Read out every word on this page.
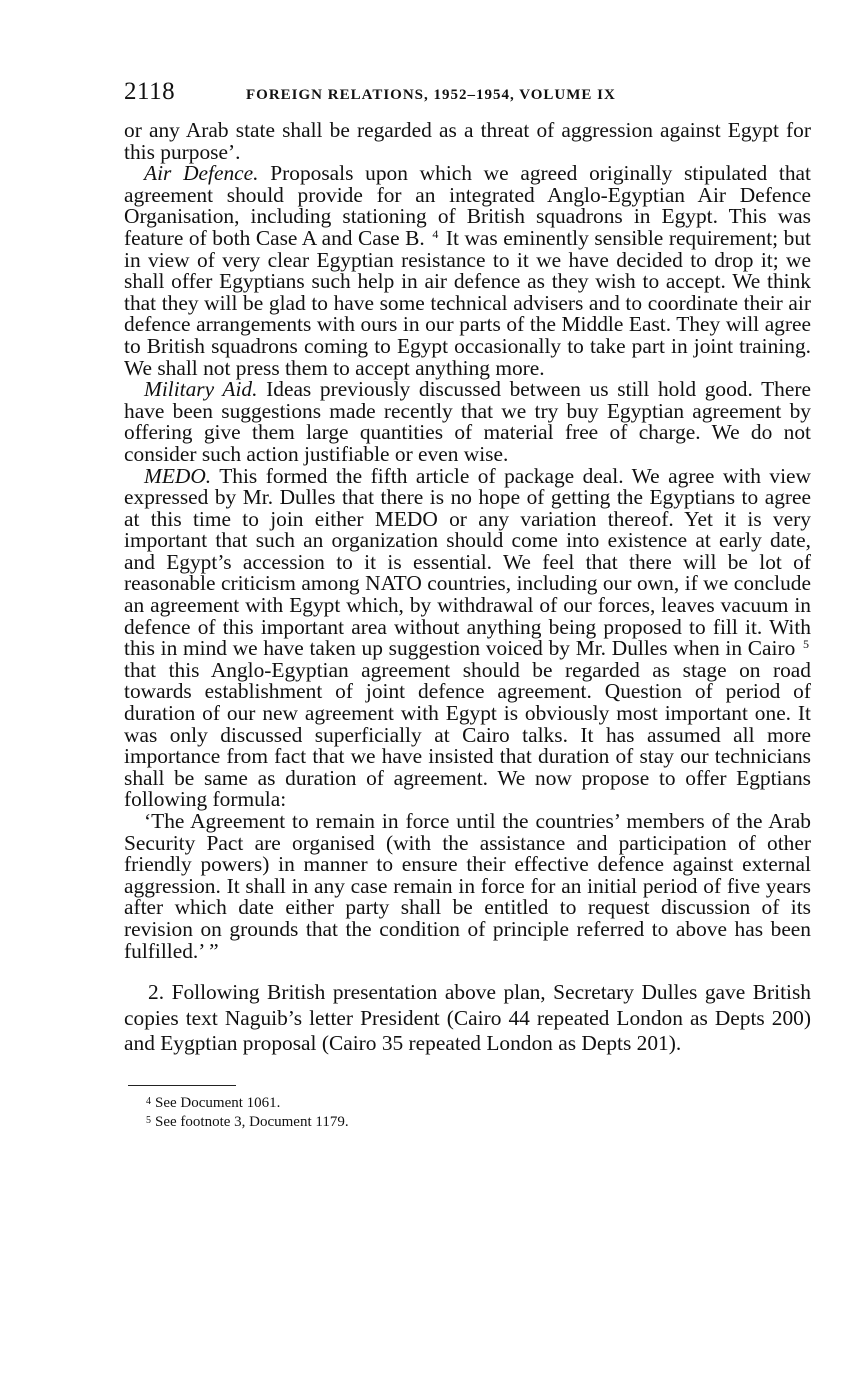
2118	FOREIGN RELATIONS, 1952–1954, VOLUME IX

or any Arab state shall be regarded as a threat of aggression against Egypt for this purpose’.

Air Defence. Proposals upon which we agreed originally stipulated that agreement should provide for an integrated Anglo-Egyptian Air Defence Organisation, including stationing of British squadrons in Egypt. This was feature of both Case A and Case B. $^4$ It was eminently sensible requirement; but in view of very clear Egyptian resistance to it we have decided to drop it; we shall offer Egyptians such help in air defence as they wish to accept. We think that they will be glad to have some technical advisers and to coordinate their air defence arrangements with ours in our parts of the Middle East. They will agree to British squadrons coming to Egypt occasionally to take part in joint training. We shall not press them to accept anything more.

Military Aid. Ideas previously discussed between us still hold good. There have been suggestions made recently that we try buy Egyptian agreement by offering give them large quantities of material free of charge. We do not consider such action justifiable or even wise.

MEDO. This formed the fifth article of package deal. We agree with view expressed by Mr. Dulles that there is no hope of getting the Egyptians to agree at this time to join either MEDO or any variation thereof. Yet it is very important that such an organization should come into existence at early date, and Egypt’s accession to it is essential. We feel that there will be lot of reasonable criticism among NATO countries, including our own, if we conclude an agreement with Egypt which, by withdrawal of our forces, leaves vacuum in defence of this important area without anything being proposed to fill it. With this in mind we have taken up suggestion voiced by Mr. Dulles when in Cairo $^5$ that this Anglo-Egyptian agreement should be regarded as stage on road towards establishment of joint defence agreement. Question of period of duration of our new agreement with Egypt is obviously most important one. It was only discussed superficially at Cairo talks. It has assumed all more importance from fact that we have insisted that duration of stay our technicians shall be same as duration of agreement. We now propose to offer Egptians following formula:

‘The Agreement to remain in force until the countries’ members of the Arab Security Pact are organised (with the assistance and participation of other friendly powers) in manner to ensure their effective defence against external aggression. It shall in any case remain in force for an initial period of five years after which date either party shall be entitled to request discussion of its revision on grounds that the condition of principle referred to above has been fulfilled.’ ”

2. Following British presentation above plan, Secretary Dulles gave British copies text Naguib’s letter President (Cairo 44 repeated London as Depts 200) and Eygptian proposal (Cairo 35 repeated London as Depts 201).

$^4$ See Document 1061.
$^5$ See footnote 3, Document 1179.
